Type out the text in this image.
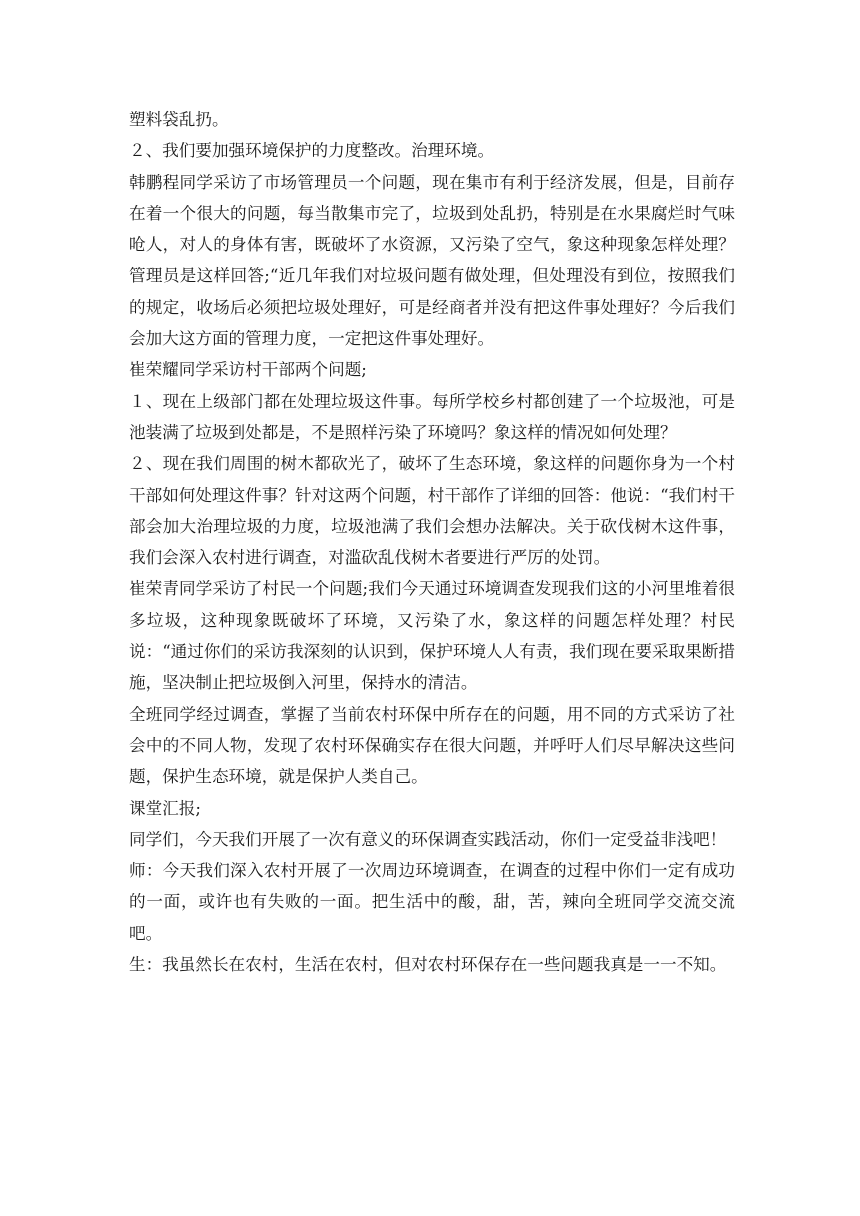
塑料袋乱扔。

２、我们要加强环境保护的力度整改。治理环境。

韩鹏程同学采访了市场管理员一个问题，现在集市有利于经济发展，但是，目前存在着一个很大的问题，每当散集市完了，垃圾到处乱扔，特别是在水果腐烂时气味呛人，对人的身体有害，既破坏了水资源，又污染了空气，象这种现象怎样处理？管理员是这样回答;“近几年我们对垃圾问题有做处理，但处理没有到位，按照我们的规定，收场后必须把垃圾处理好，可是经商者并没有把这件事处理好？今后我们会加大这方面的管理力度，一定把这件事处理好。

崔荣耀同学采访村干部两个问题;

１、现在上级部门都在处理垃圾这件事。每所学校乡村都创建了一个垃圾池，可是池装满了垃圾到处都是，不是照样污染了环境吗？象这样的情况如何处理？

２、现在我们周围的树木都砍光了，破坏了生态环境，象这样的问题你身为一个村干部如何处理这件事？针对这两个问题，村干部作了详细的回答：他说：“我们村干部会加大治理垃圾的力度，垃圾池满了我们会想办法解决。关于砍伐树木这件事，我们会深入农村进行调查，对滥砍乱伐树木者要进行严厉的处罚。

崔荣青同学采访了村民一个问题;我们今天通过环境调查发现我们这的小河里堆着很多垃圾，这种现象既破坏了环境，又污染了水，象这样的问题怎样处理？村民说：“通过你们的采访我深刻的认识到，保护环境人人有责，我们现在要采取果断措施，坚决制止把垃圾倒入河里，保持水的清洁。

全班同学经过调查，掌握了当前农村环保中所存在的问题，用不同的方式采访了社会中的不同人物，发现了农村环保确实存在很大问题，并呼吁人们尽早解决这些问题，保护生态环境，就是保护人类自己。

课堂汇报;

同学们，今天我们开展了一次有意义的环保调查实践活动，你们一定受益非浅吧！

师：今天我们深入农村开展了一次周边环境调查，在调查的过程中你们一定有成功的一面，或许也有失败的一面。把生活中的酸，甜，苦，辣向全班同学交流交流吧。

生：我虽然长在农村，生活在农村，但对农村环保存在一些问题我真是一一不知。
